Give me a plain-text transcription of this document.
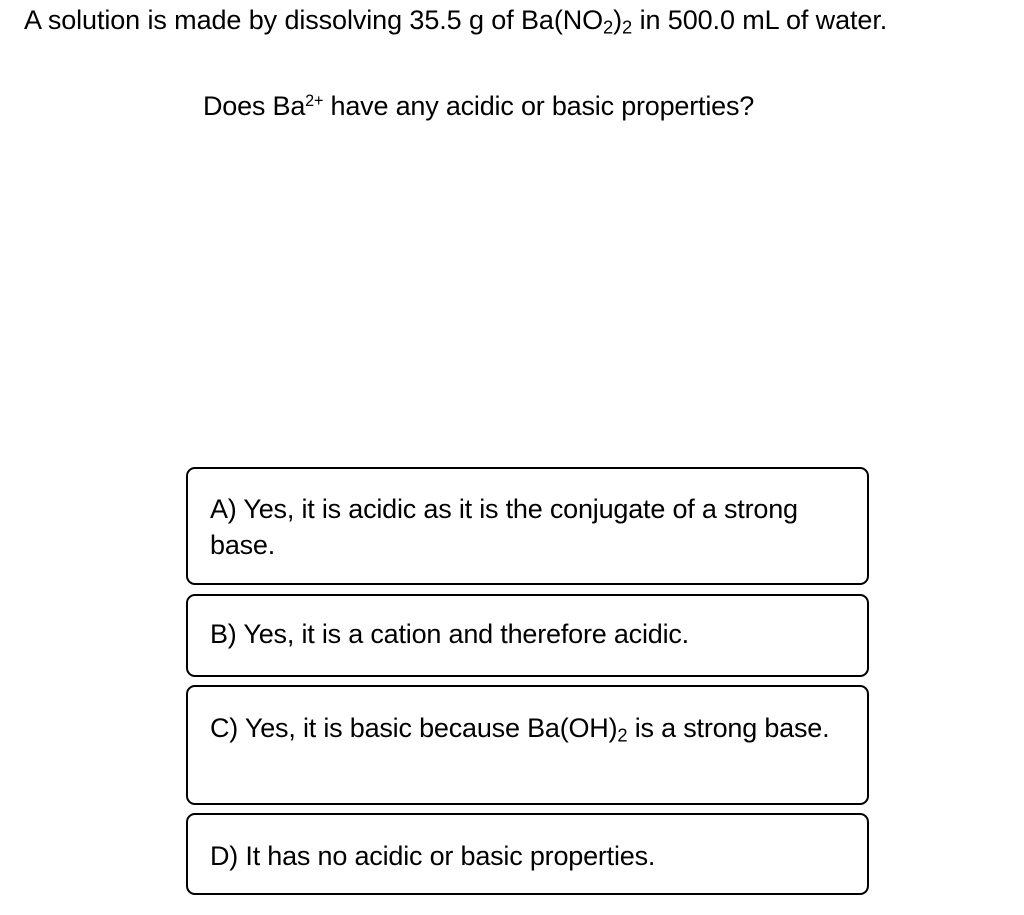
A solution is made by dissolving 35.5 g of $Ba(NO_2)_2$ in 500.0 mL of water.
Does $Ba^{2+}$ have any acidic or basic properties?
A) Yes, it is acidic as it is the conjugate of a strong base.
B) Yes, it is a cation and therefore acidic.
C) Yes, it is basic because $Ba(OH)_2$ is a strong base.
D) It has no acidic or basic properties.
